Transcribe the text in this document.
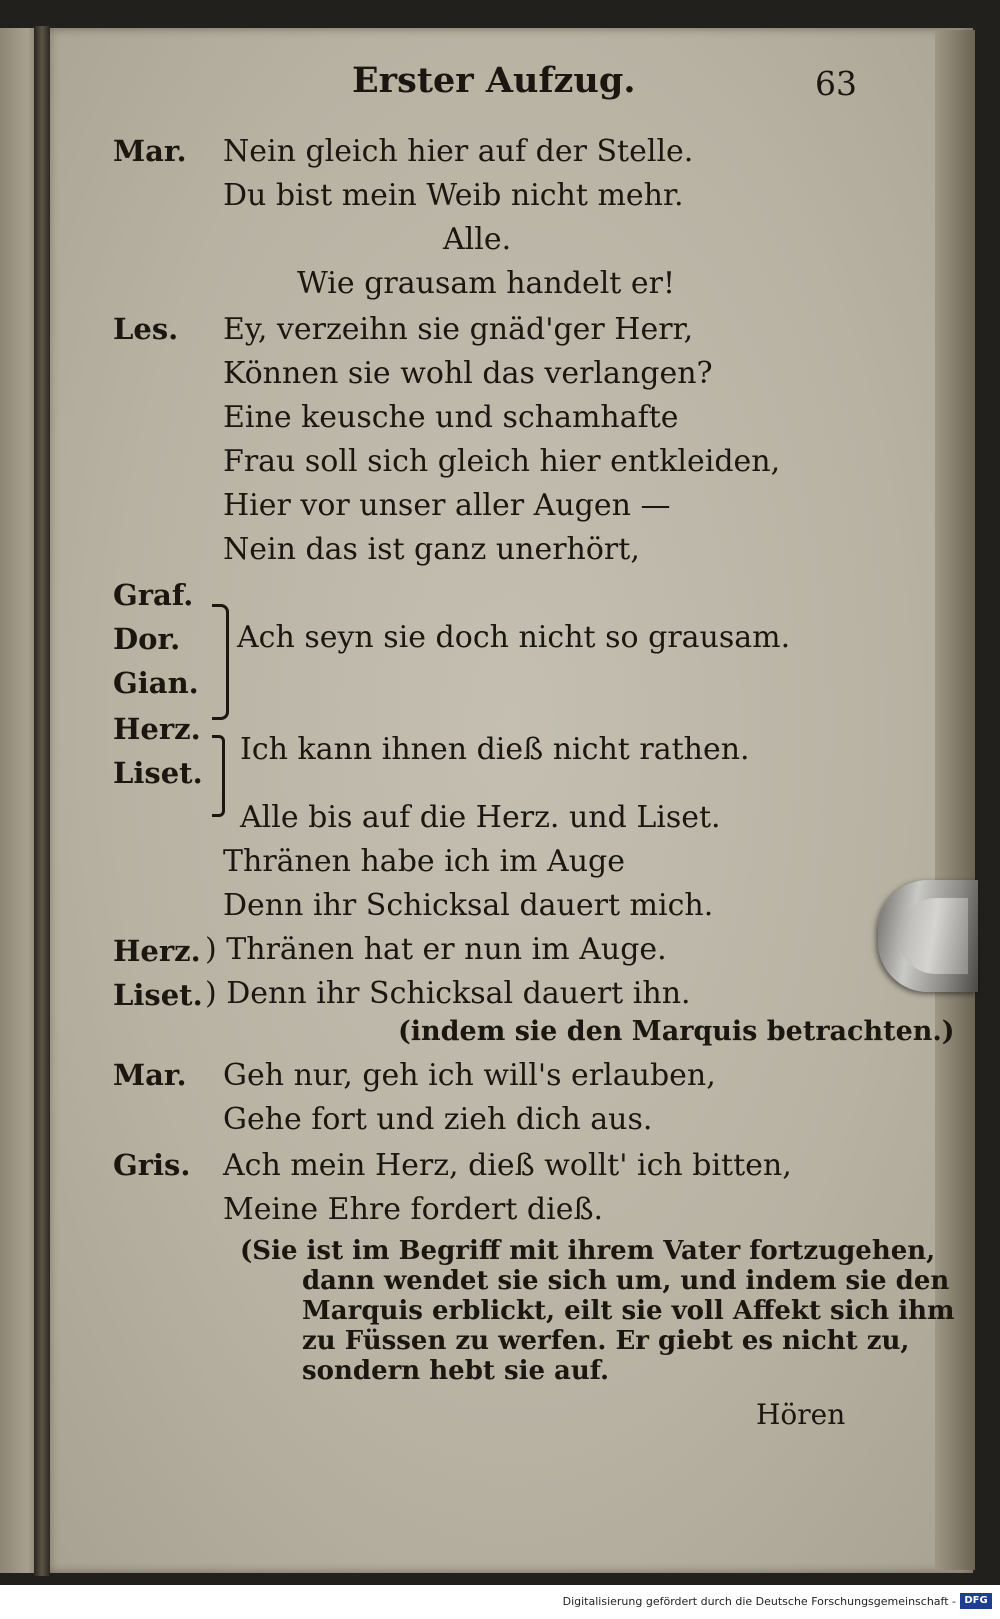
Erster Aufzug.	63
Mar. Nein gleich hier auf der Stelle.
Du bist mein Weib nicht mehr.
Alle.
Wie grausam handelt er!
Les. Ey, verzeihn sie gnäd'ger Herr,
Können sie wohl das verlangen?
Eine keusche und schamhafte
Frau soll sich gleich hier entkleiden,
Hier vor unser aller Augen —
Nein das ist ganz unerhört,
Graf.
Dor.
Gian.
Ach seyn sie doch nicht so grausam.
Herz.
Liset.
Ich kann ihnen dieß nicht rathen.
Alle bis auf die Herz. und Liset.
Thränen habe ich im Auge
Denn ihr Schicksal dauert mich.
Herz. ) Thränen hat er nun im Auge.
Liset. ) Denn ihr Schicksal dauert ihn.
(indem sie den Marquis betrachten.)
Mar. Geh nur, geh ich will's erlauben,
Gehe fort und zieh dich aus.
Gris. Ach mein Herz, dieß wollt' ich bitten,
Meine Ehre fordert dieß.
(Sie ist im Begriff mit ihrem Vater fortzugehen,
dann wendet sie sich um, und indem sie den
Marquis erblickt, eilt sie voll Affekt sich ihm
zu Füssen zu werfen. Er giebt es nicht zu,
sondern hebt sie auf.
Hören
Digitalisierung gefördert durch die Deutsche Forschungsgemeinschaft - DFG
